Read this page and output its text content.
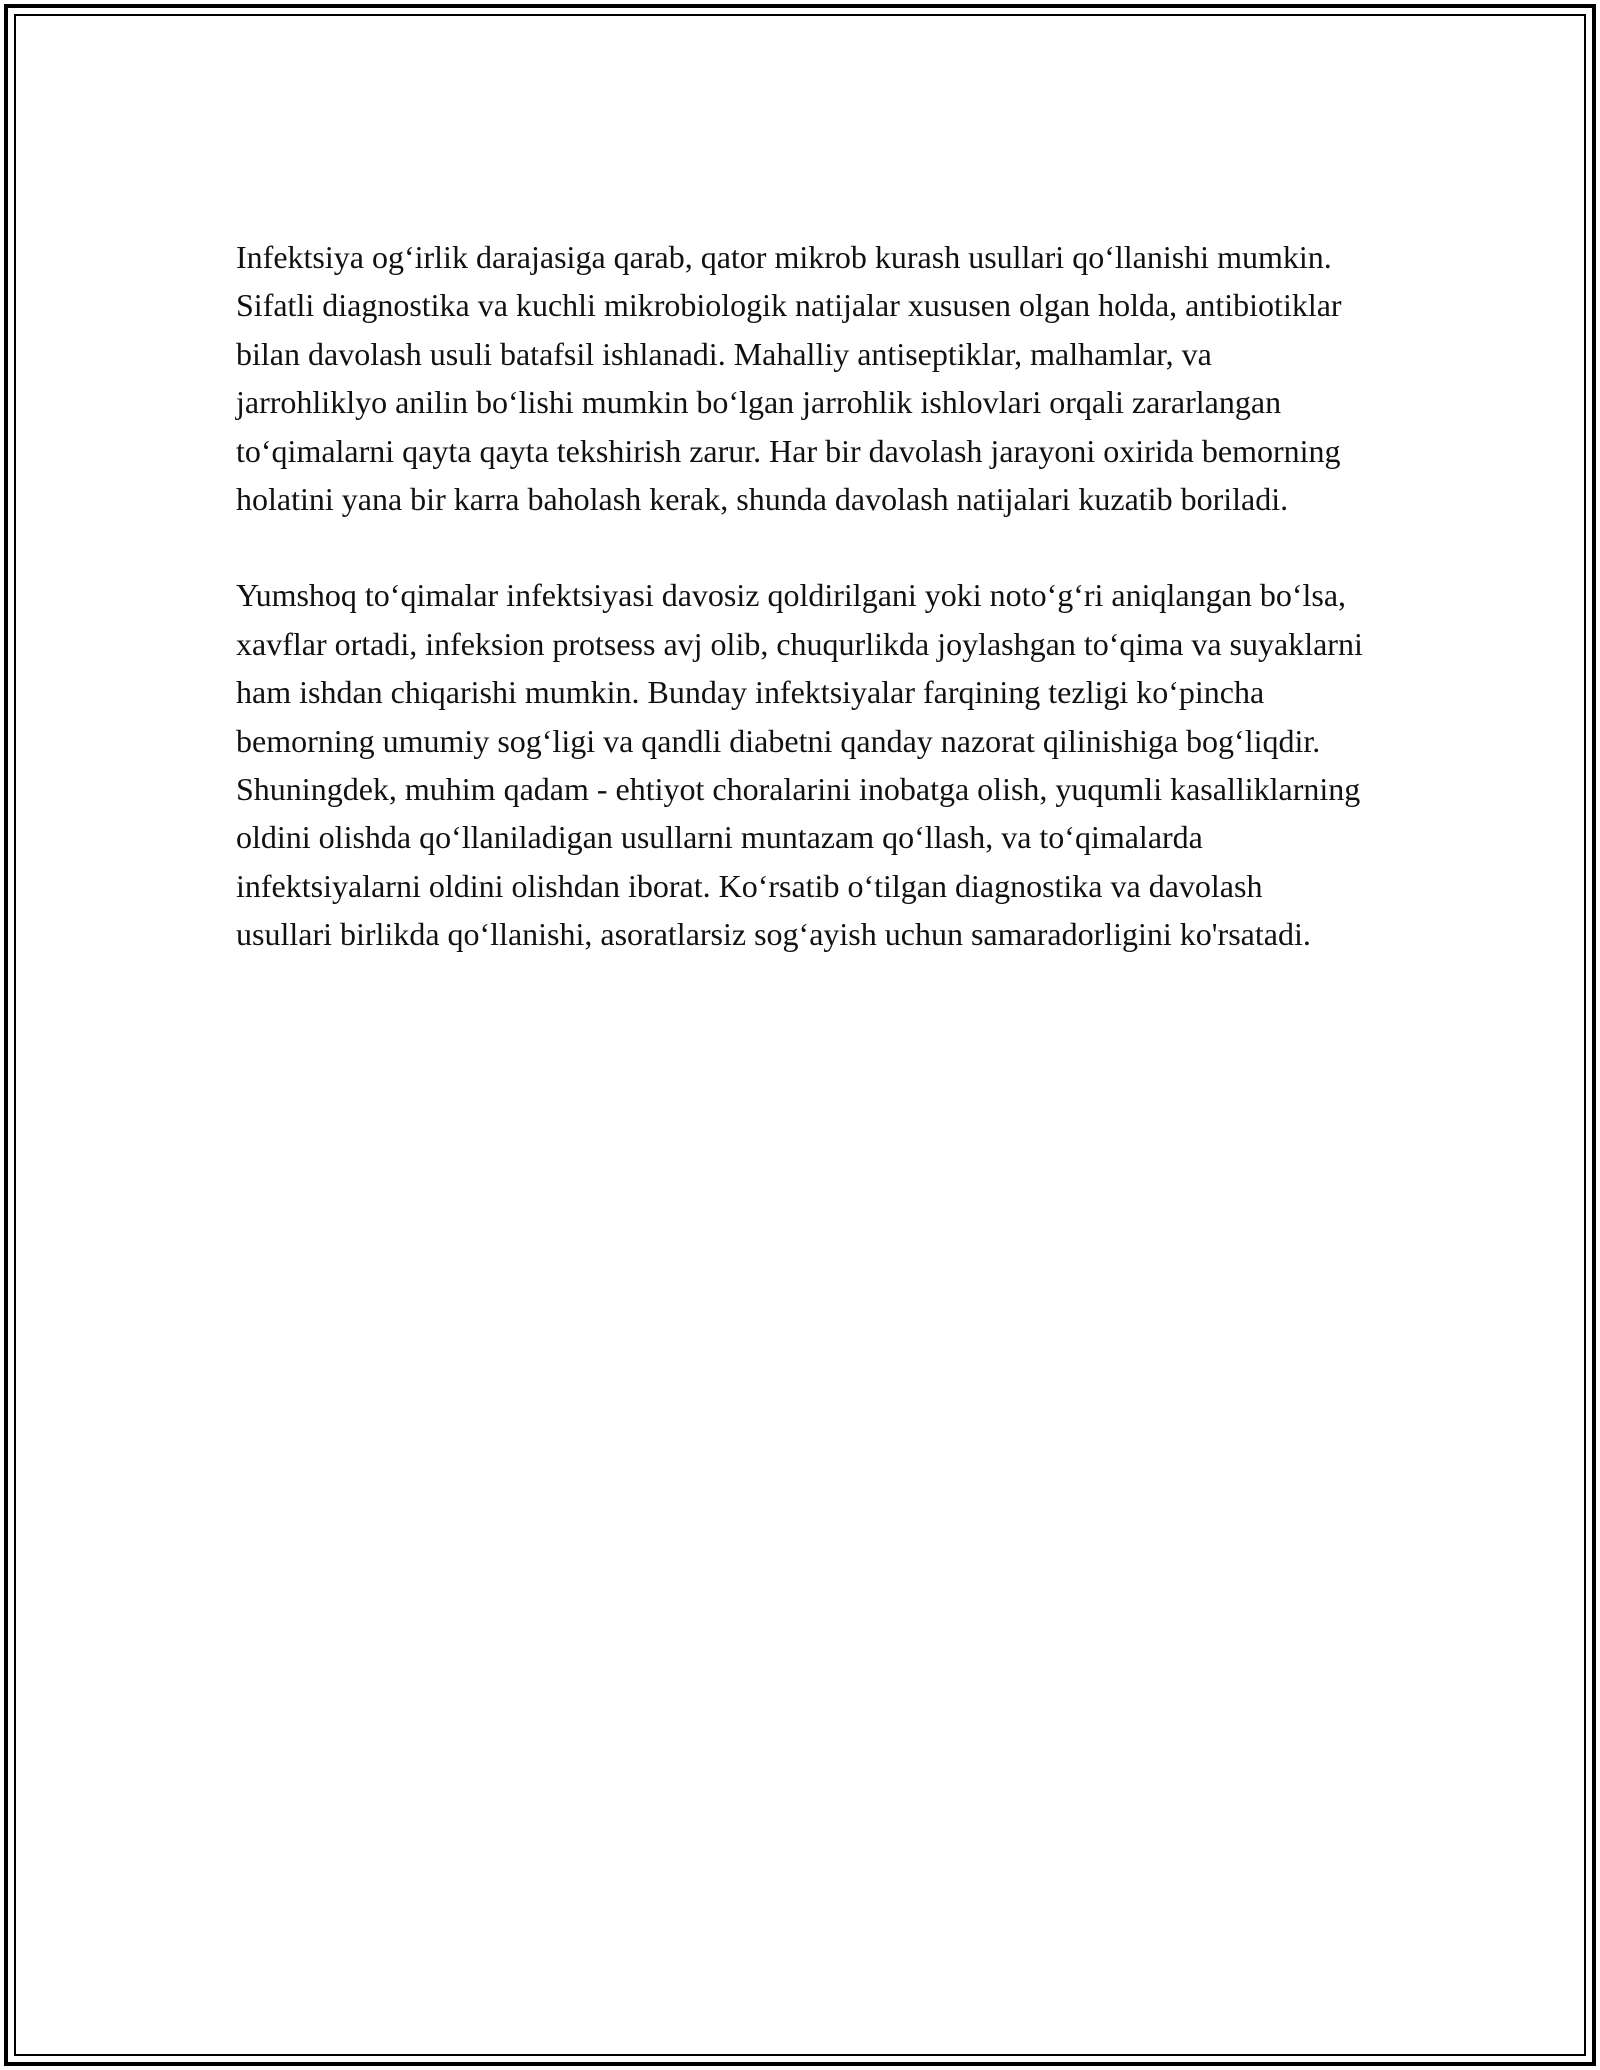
Infektsiya og‘irlik darajasiga qarab, qator mikrob kurash usullari qo‘llanishi mumkin. Sifatli diagnostika va kuchli mikrobiologik natijalar xususen olgan holda, antibiotiklar bilan davolash usuli batafsil ishlanadi. Mahalliy antiseptiklar, malhamlar, va jarrohliklyo anilin bo‘lishi mumkin bo‘lgan jarrohlik ishlovlari orqali zararlangan to‘qimalarni qayta qayta tekshirish zarur. Har bir davolash jarayoni oxirida bemorning holatini yana bir karra baholash kerak, shunda davolash natijalari kuzatib boriladi.

Yumshoq to‘qimalar infektsiyasi davosiz qoldirilgani yoki noto‘g‘ri aniqlangan bo‘lsa, xavflar ortadi, infeksion protsess avj olib, chuqurlikda joylashgan to‘qima va suyaklarni ham ishdan chiqarishi mumkin. Bunday infektsiyalar farqining tezligi ko‘pincha bemorning umumiy sog‘ligi va qandli diabetni qanday nazorat qilinishiga bog‘liqdir. Shuningdek, muhim qadam - ehtiyot choralarini inobatga olish, yuqumli kasalliklarning oldini olishda qo‘llaniladigan usullarni muntazam qo‘llash, va to‘qimalarda infektsiyalarni oldini olishdan iborat. Ko‘rsatib o‘tilgan diagnostika va davolash usullari birlikda qo‘llanishi, asoratlarsiz sog‘ayish uchun samaradorligini ko'rsatadi.
